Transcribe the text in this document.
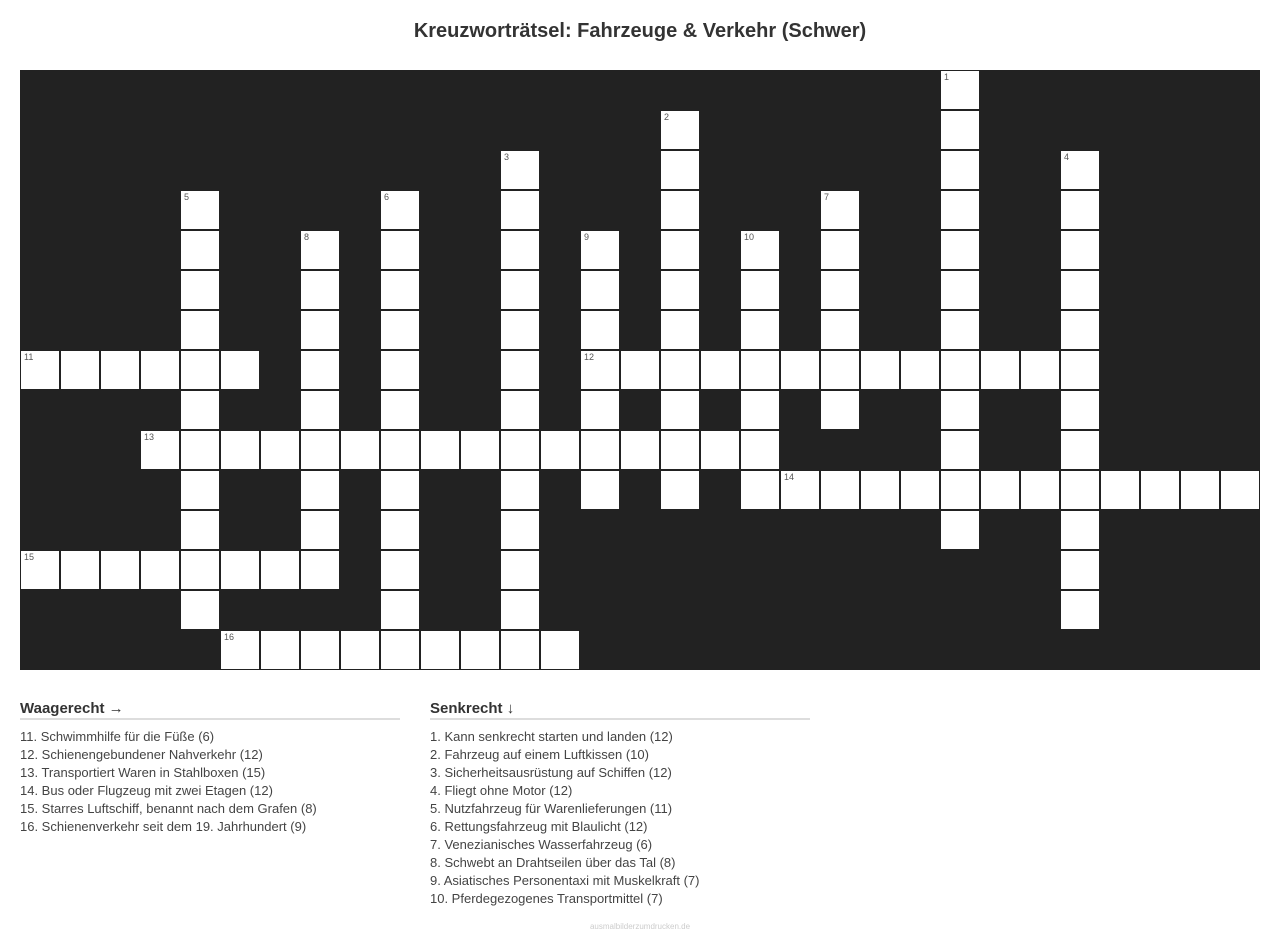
Kreuzworträtsel: Fahrzeuge & Verkehr (Schwer)
1
2
3	4
5	6	7
8	9
12
10
11
13
14
15
16
Waagerecht →
11. Schwimmhilfe für die Füße (6)
12. Schienengebundener Nahverkehr (12)
13. Transportiert Waren in Stahlboxen (15)
14. Bus oder Flugzeug mit zwei Etagen (12)
15. Starres Luftschiff, benannt nach dem Grafen (8)
16. Schienenverkehr seit dem 19. Jahrhundert (9)
Senkrecht ↓
1. Kann senkrecht starten und landen (12)
2. Fahrzeug auf einem Luftkissen (10)
3. Sicherheitsausrüstung auf Schiffen (12)
4. Fliegt ohne Motor (12)
5. Nutzfahrzeug für Warenlieferungen (11)
6. Rettungsfahrzeug mit Blaulicht (12)
7. Venezianisches Wasserfahrzeug (6)
8. Schwebt an Drahtseilen über das Tal (8)
9. Asiatisches Personentaxi mit Muskelkraft (7)
10. Pferdegezogenes Transportmittel (7)
ausmalbilderzumdrucken.de
